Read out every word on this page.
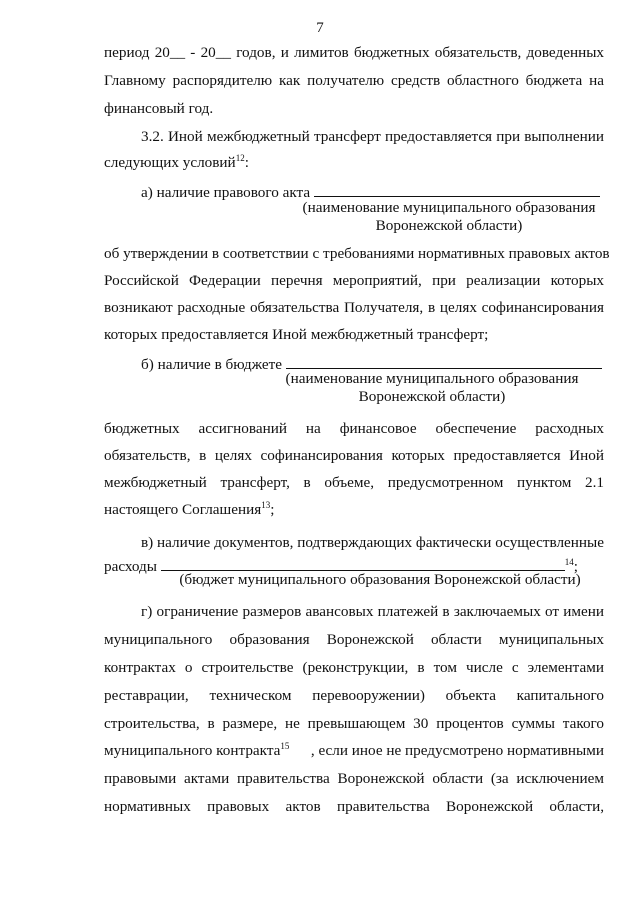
7
период 20__ - 20__ годов, и лимитов бюджетных обязательств, доведенных
Главному распорядителю как получателю средств областного бюджета на
финансовый год.
3.2. Иной межбюджетный трансферт предоставляется при выполнении
следующих условий$^{12}$:
а) наличие правового акта
(наименование муниципального образования
Воронежской области)
об утверждении в соответствии с требованиями нормативных правовых актов
Российской Федерации перечня мероприятий, при реализации которых
возникают расходные обязательства Получателя, в целях софинансирования
которых предоставляется Иной межбюджетный трансферт;
б) наличие в бюджете
(наименование муниципального образования
Воронежской области)
бюджетных ассигнований на финансовое обеспечение расходных
обязательств, в целях софинансирования которых предоставляется Иной
межбюджетный трансферт, в объеме, предусмотренном пунктом 2.1
настоящего Соглашения$^{13}$;
в) наличие документов, подтверждающих фактически осуществленные
расходы	$^{14}$;
(бюджет муниципального образования Воронежской области)
г) ограничение размеров авансовых платежей в заключаемых от имени
муниципального образования Воронежской области муниципальных
контрактах о строительстве (реконструкции, в том числе с элементами
реставрации, техническом перевооружении) объекта капитального
строительства, в размере, не превышающем 30 процентов суммы такого
муниципального контракта$^{15}$ , если иное не предусмотрено нормативными
правовыми актами правительства Воронежской области (за исключением
нормативных правовых актов правительства Воронежской области,
